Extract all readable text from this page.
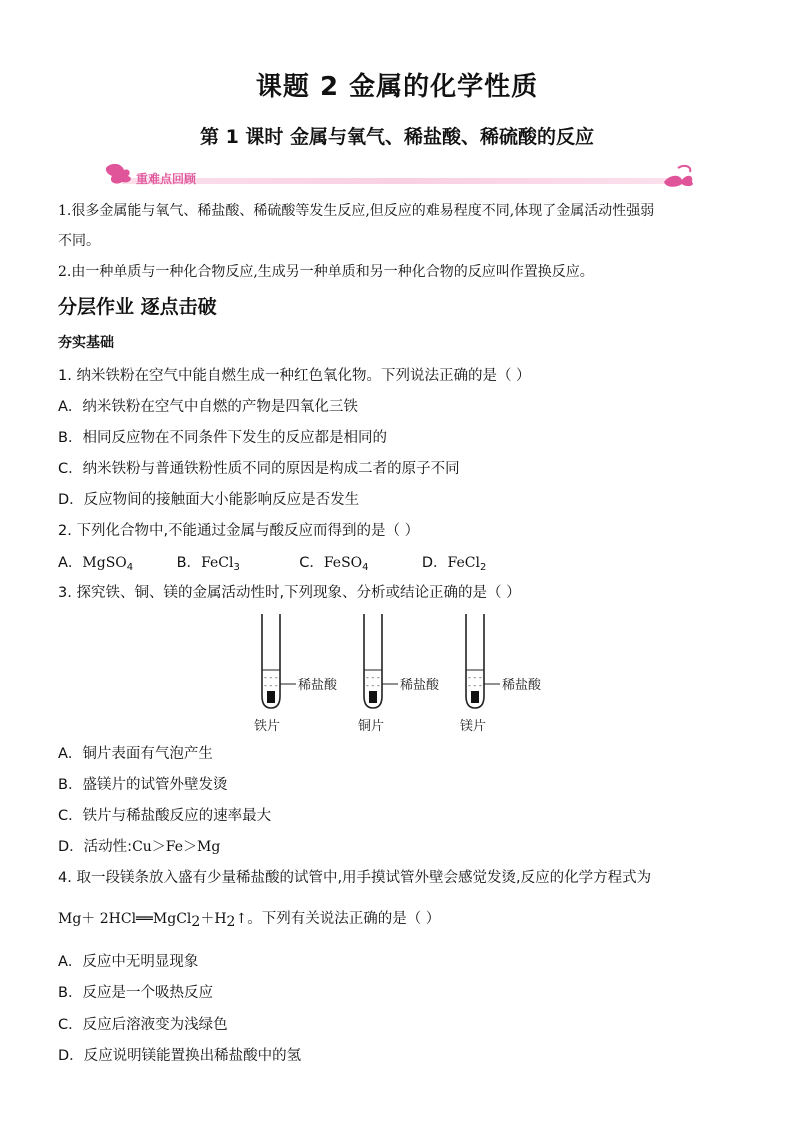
课题 2 金属的化学性质
第 1 课时 金属与氧气、稀盐酸、稀硫酸的反应
重难点回顾
1.很多金属能与氧气、稀盐酸、稀硫酸等发生反应,但反应的难易程度不同,体现了金属活动性强弱
不同。
2.由一种单质与一种化合物反应,生成另一种单质和另一种化合物的反应叫作置换反应。
分层作业 逐点击破
夯实基础
1. 纳米铁粉在空气中能自燃生成一种红色氧化物。下列说法正确的是（ ）
A．纳米铁粉在空气中自燃的产物是四氧化三铁
B．相同反应物在不同条件下发生的反应都是相同的
C．纳米铁粉与普通铁粉性质不同的原因是构成二者的原子不同
D．反应物间的接触面大小能影响反应是否发生
2. 下列化合物中,不能通过金属与酸反应而得到的是（ ）
A．MgSO$_4$	B．FeCl$_3$	C．FeSO$_4$	D．FeCl$_2$
3. 探究铁、铜、镁的金属活动性时,下列现象、分析或结论正确的是（ ）
- - -
- - -
- - -
- - -
- - -
- - -
稀盐酸	稀盐酸	稀盐酸
铁片	铜片	镁片
A．铜片表面有气泡产生
B．盛镁片的试管外壁发烫
C．铁片与稀盐酸反应的速率最大
D．活动性:Cu＞Fe＞Mg
4. 取一段镁条放入盛有少量稀盐酸的试管中,用手摸试管外壁会感觉发烫,反应的化学方程式为
$Mg+ 2HCl══MgCl_2+H_2↑$。下列有关说法正确的是（ ）
A．反应中无明显现象
B．反应是一个吸热反应
C．反应后溶液变为浅绿色
D．反应说明镁能置换出稀盐酸中的氢
